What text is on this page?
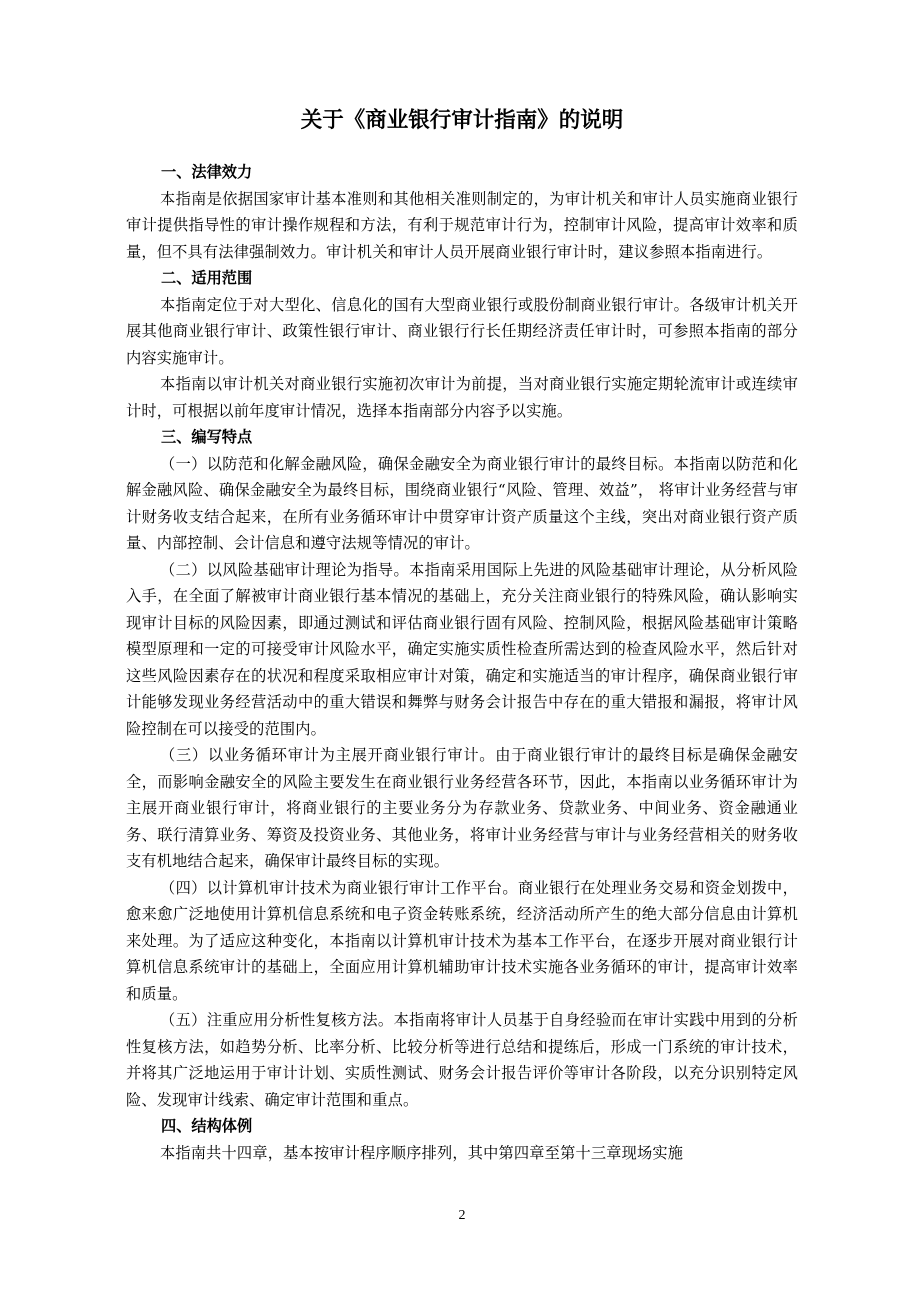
关于《商业银行审计指南》的说明

一、法律效力

本指南是依据国家审计基本准则和其他相关准则制定的，为审计机关和审计人员实施商业银行审计提供指导性的审计操作规程和方法，有利于规范审计行为，控制审计风险，提高审计效率和质量，但不具有法律强制效力。审计机关和审计人员开展商业银行审计时，建议参照本指南进行。

二、适用范围

本指南定位于对大型化、信息化的国有大型商业银行或股份制商业银行审计。各级审计机关开展其他商业银行审计、政策性银行审计、商业银行行长任期经济责任审计时，可参照本指南的部分内容实施审计。

本指南以审计机关对商业银行实施初次审计为前提，当对商业银行实施定期轮流审计或连续审计时，可根据以前年度审计情况，选择本指南部分内容予以实施。

三、编写特点

（一）以防范和化解金融风险，确保金融安全为商业银行审计的最终目标。本指南以防范和化解金融风险、确保金融安全为最终目标，围绕商业银行“风险、管理、效益”， 将审计业务经营与审计财务收支结合起来，在所有业务循环审计中贯穿审计资产质量这个主线，突出对商业银行资产质量、内部控制、会计信息和遵守法规等情况的审计。

（二）以风险基础审计理论为指导。本指南采用国际上先进的风险基础审计理论，从分析风险入手，在全面了解被审计商业银行基本情况的基础上，充分关注商业银行的特殊风险，确认影响实现审计目标的风险因素，即通过测试和评估商业银行固有风险、控制风险，根据风险基础审计策略模型原理和一定的可接受审计风险水平，确定实施实质性检查所需达到的检查风险水平，然后针对这些风险因素存在的状况和程度采取相应审计对策，确定和实施适当的审计程序，确保商业银行审计能够发现业务经营活动中的重大错误和舞弊与财务会计报告中存在的重大错报和漏报，将审计风险控制在可以接受的范围内。

（三）以业务循环审计为主展开商业银行审计。由于商业银行审计的最终目标是确保金融安全，而影响金融安全的风险主要发生在商业银行业务经营各环节，因此，本指南以业务循环审计为主展开商业银行审计，将商业银行的主要业务分为存款业务、贷款业务、中间业务、资金融通业务、联行清算业务、筹资及投资业务、其他业务，将审计业务经营与审计与业务经营相关的财务收支有机地结合起来，确保审计最终目标的实现。

（四）以计算机审计技术为商业银行审计工作平台。商业银行在处理业务交易和资金划拨中，愈来愈广泛地使用计算机信息系统和电子资金转账系统，经济活动所产生的绝大部分信息由计算机来处理。为了适应这种变化，本指南以计算机审计技术为基本工作平台，在逐步开展对商业银行计算机信息系统审计的基础上，全面应用计算机辅助审计技术实施各业务循环的审计，提高审计效率和质量。

（五）注重应用分析性复核方法。本指南将审计人员基于自身经验而在审计实践中用到的分析性复核方法，如趋势分析、比率分析、比较分析等进行总结和提练后，形成一门系统的审计技术，并将其广泛地运用于审计计划、实质性测试、财务会计报告评价等审计各阶段，以充分识别特定风险、发现审计线索、确定审计范围和重点。

四、结构体例

本指南共十四章，基本按审计程序顺序排列，其中第四章至第十三章现场实施

2
